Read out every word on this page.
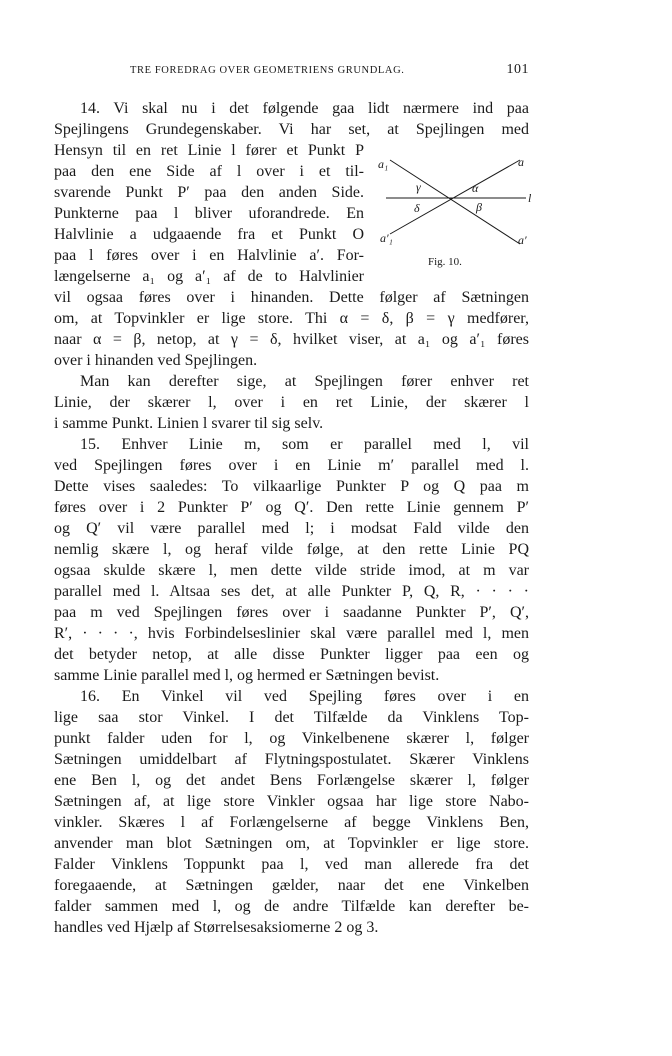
TRE FOREDRAG OVER GEOMETRIENS GRUNDLAG.	101
a₁	a
l
a′₁	a′
γ	α
δ	β
Fig. 10.
14. Vi skal nu i det følgende gaa lidt nærmere ind paa
Spejlingens Grundegenskaber. Vi har set, at Spejlingen med
Hensyn til en ret Linie l fører et Punkt P
paa den ene Side af l over i et til-
svarende Punkt P′ paa den anden Side.
Punkterne paa l bliver uforandrede. En
Halvlinie a udgaaende fra et Punkt O
paa l føres over i en Halvlinie a′. For-
længelserne a₁ og a′₁ af de to Halvlinier
vil ogsaa føres over i hinanden. Dette følger af Sætningen
om, at Topvinkler er lige store. Thi α = δ, β = γ medfører,
naar α = β, netop, at γ = δ, hvilket viser, at a₁ og a′₁ føres
over i hinanden ved Spejlingen.
Man kan derefter sige, at Spejlingen fører enhver ret
Linie, der skærer l, over i en ret Linie, der skærer l
i samme Punkt. Linien l svarer til sig selv.
15. Enhver Linie m, som er parallel med l, vil
ved Spejlingen føres over i en Linie m′ parallel med l.
Dette vises saaledes: To vilkaarlige Punkter P og Q paa m
føres over i 2 Punkter P′ og Q′. Den rette Linie gennem P′
og Q′ vil være parallel med l; i modsat Fald vilde den
nemlig skære l, og heraf vilde følge, at den rette Linie PQ
ogsaa skulde skære l, men dette vilde stride imod, at m var
parallel med l. Altsaa ses det, at alle Punkter P, Q, R, · · · ·
paa m ved Spejlingen føres over i saadanne Punkter P′, Q′,
R′, · · · ·, hvis Forbindelseslinier skal være parallel med l, men
det betyder netop, at alle disse Punkter ligger paa een og
samme Linie parallel med l, og hermed er Sætningen bevist.
16. En Vinkel vil ved Spejling føres over i en
lige saa stor Vinkel. I det Tilfælde da Vinklens Top-
punkt falder uden for l, og Vinkelbenene skærer l, følger
Sætningen umiddelbart af Flytningspostulatet. Skærer Vinklens
ene Ben l, og det andet Bens Forlængelse skærer l, følger
Sætningen af, at lige store Vinkler ogsaa har lige store Nabo-
vinkler. Skæres l af Forlængelserne af begge Vinklens Ben,
anvender man blot Sætningen om, at Topvinkler er lige store.
Falder Vinklens Toppunkt paa l, ved man allerede fra det
foregaaende, at Sætningen gælder, naar det ene Vinkelben
falder sammen med l, og de andre Tilfælde kan derefter be-
handles ved Hjælp af Størrelsesaksiomerne 2 og 3.
